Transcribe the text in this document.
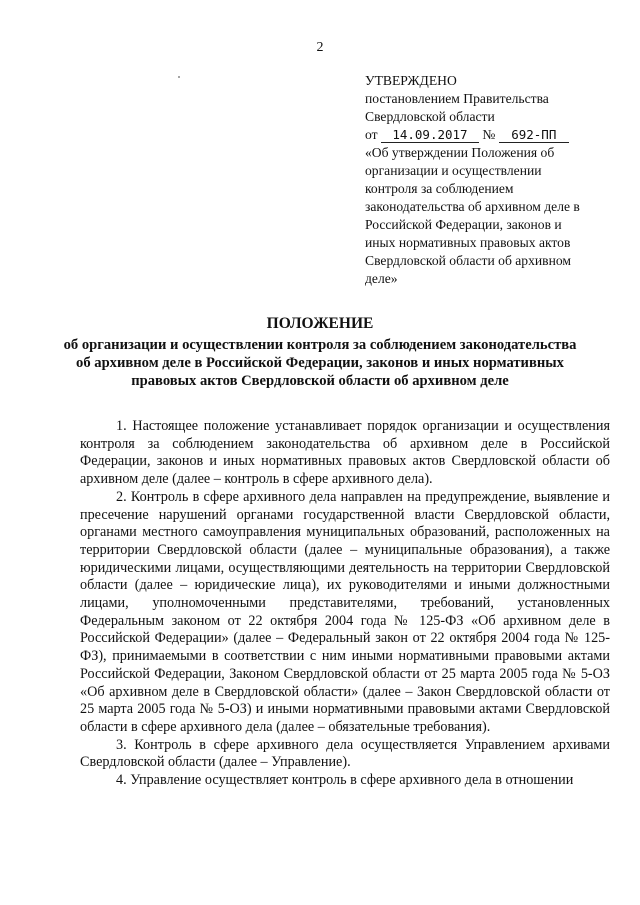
2
УТВЕРЖДЕНО
постановлением Правительства
Свердловской области
от 14.09.2017 № 692-ПП
«Об утверждении Положения об
организации и осуществлении
контроля за соблюдением
законодательства об архивном деле в
Российской Федерации, законов и
иных нормативных правовых актов
Свердловской области об архивном
деле»
ПОЛОЖЕНИЕ
об организации и осуществлении контроля за соблюдением законодательства
об архивном деле в Российской Федерации, законов и иных нормативных
правовых актов Свердловской области об архивном деле

1. Настоящее положение устанавливает порядок организации и осуществления контроля за соблюдением законодательства об архивном деле в Российской Федерации, законов и иных нормативных правовых актов Свердловской области об архивном деле (далее – контроль в сфере архивного дела).

2. Контроль в сфере архивного дела направлен на предупреждение, выявление и пресечение нарушений органами государственной власти Свердловской области, органами местного самоуправления муниципальных образований, расположенных на территории Свердловской области (далее – муниципальные образования), а также юридическими лицами, осуществляющими деятельность на территории Свердловской области (далее – юридические лица), их руководителями и иными должностными лицами, уполномоченными представителями, требований, установленных Федеральным законом от 22 октября 2004 года № 125-ФЗ «Об архивном деле в Российской Федерации» (далее – Федеральный закон от 22 октября 2004 года № 125-ФЗ), принимаемыми в соответствии с ним иными нормативными правовыми актами Российской Федерации, Законом Свердловской области от 25 марта 2005 года № 5-ОЗ «Об архивном деле в Свердловской области» (далее – Закон Свердловской области от 25 марта 2005 года № 5-ОЗ) и иными нормативными правовыми актами Свердловской области в сфере архивного дела (далее – обязательные требования).

3. Контроль в сфере архивного дела осуществляется Управлением архивами Свердловской области (далее – Управление).

4. Управление осуществляет контроль в сфере архивного дела в отношении
